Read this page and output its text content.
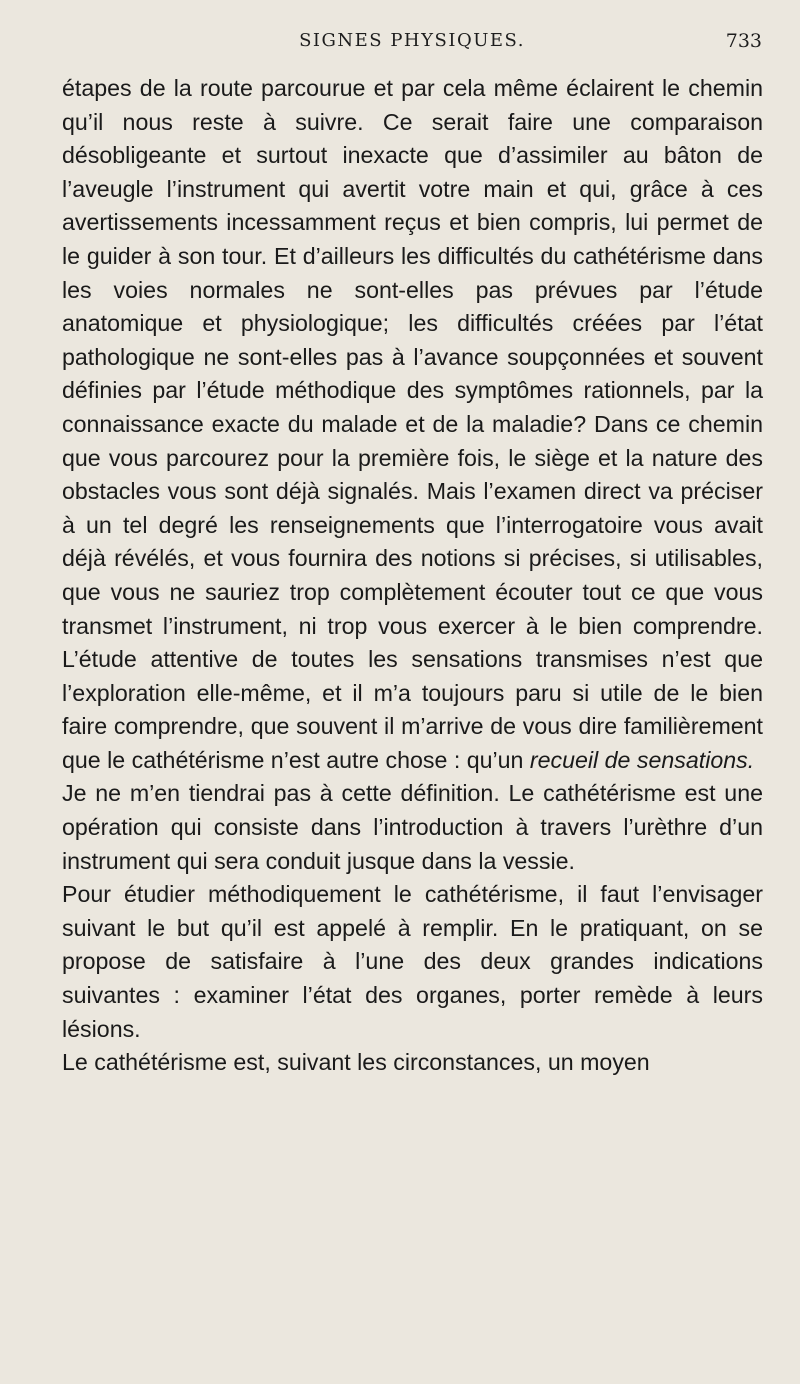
SIGNES PHYSIQUES.	733

étapes de la route parcourue et par cela même éclairent le chemin qu’il nous reste à suivre. Ce serait faire une comparaison désobligeante et surtout inexacte que d’assimiler au bâton de l’aveugle l’instrument qui avertit votre main et qui, grâce à ces avertissements incessamment reçus et bien compris, lui permet de le guider à son tour. Et d’ailleurs les difficultés du cathétérisme dans les voies normales ne sont-elles pas prévues par l’étude anatomique et physiologique; les difficultés créées par l’état pathologique ne sont-elles pas à l’avance soupçonnées et souvent définies par l’étude méthodique des symptômes rationnels, par la connaissance exacte du malade et de la maladie? Dans ce chemin que vous parcourez pour la première fois, le siège et la nature des obstacles vous sont déjà signalés. Mais l’examen direct va préciser à un tel degré les renseignements que l’interrogatoire vous avait déjà révélés, et vous fournira des notions si précises, si utilisables, que vous ne sauriez trop complètement écouter tout ce que vous transmet l’instrument, ni trop vous exercer à le bien comprendre. L’étude attentive de toutes les sensations transmises n’est que l’exploration elle-même, et il m’a toujours paru si utile de le bien faire comprendre, que souvent il m’arrive de vous dire familièrement que le cathétérisme n’est autre chose : qu’un recueil de sensations.

Je ne m’en tiendrai pas à cette définition. Le cathétérisme est une opération qui consiste dans l’introduction à travers l’urèthre d’un instrument qui sera conduit jusque dans la vessie.

Pour étudier méthodiquement le cathétérisme, il faut l’envisager suivant le but qu’il est appelé à remplir. En le pratiquant, on se propose de satisfaire à l’une des deux grandes indications suivantes : examiner l’état des organes, porter remède à leurs lésions.

Le cathétérisme est, suivant les circonstances, un moyen
